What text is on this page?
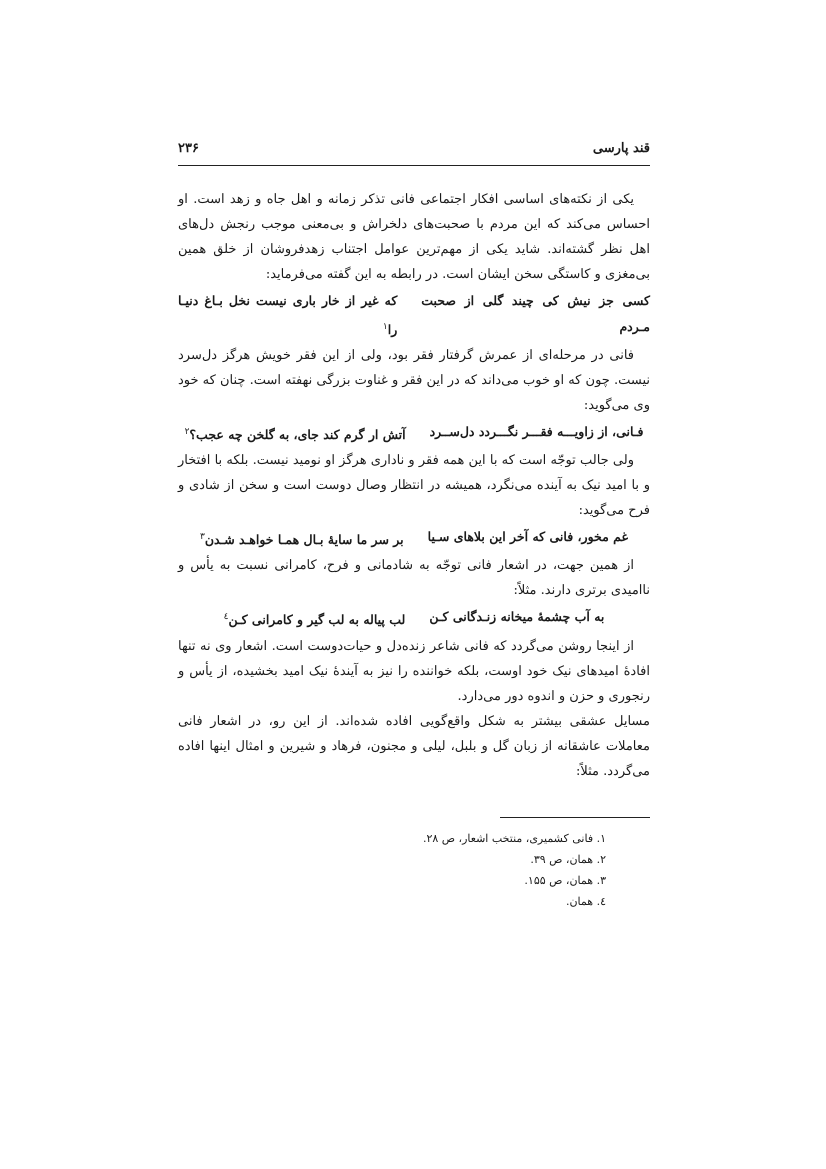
قند پارسی
۲۳۶

یکی از نکته‌های اساسی افکار اجتماعی فانی تذکر زمانه و اهل جاه و زهد است. او احساس می‌کند که این مردم با صحبت‌های دلخراش و بی‌معنی موجب رنجش دل‌های اهل نظر گشته‌اند. شاید یکی از مهم‌ترین عوامل اجتناب زهدفروشان از خلق همین بی‌مغزی و کاستگی سخن ایشان است. در رابطه به این گفته می‌فرماید:

کسی جز نیش کی چیند گلی از صحبت مـردم
که غیر از خار باری نیست نخل بـاغ دنیـا را$^۱$

فانی در مرحله‌ای از عمرش گرفتار فقر بود، ولی از این فقر خویش هرگز دل‌سرد نیست. چون که او خوب می‌داند که در این فقر و غناوت بزرگی نهفته است. چنان که خود وی می‌گوید:

فـانی، از زاویـــه فقـــر نگـــردد دل‌ســرد
آتش ار گرم کند جای، به گلخن چه عجب؟$^۲$

ولی جالب توجّه است که با این همه فقر و ناداری هرگز او نومید نیست. بلکه با افتخار و با امید نیک به آینده می‌نگرد، همیشه در انتظار وصال دوست است و سخن از شادی و فرح می‌گوید:

غم مخور، فانی که آخر این بلاهای سـیا
بر سر ما سایهٔ بـال همـا خواهـد شـدن$^۳$

از همین جهت، در اشعار فانی توجّه به شادمانی و فرح، کامرانی نسبت به یأس و ناامیدی برتری دارند. مثلاً:

به آب چشمهٔ میخانه زنـدگانی کـن
لب پیاله به لب گیر و کامرانی کـن$^٤$

از اینجا روشن می‌گردد که فانی شاعر زنده‌دل و حیات‌دوست است. اشعار وی نه تنها افادهٔ امیدهای نیک خود اوست، بلکه خواننده را نیز به آیندهٔ نیک امید بخشیده، از یأس و رنجوری و حزن و اندوه دور می‌دارد.

مسایل عشقی بیشتر به شکل واقع‌گویی افاده شده‌اند. از این رو، در اشعار فانی معاملات عاشقانه از زبان گل و بلبل، لیلی و مجنون، فرهاد و شیرین و امثال اینها افاده می‌گردد. مثلاً:

۱. فانی کشمیری، منتخب اشعار، ص ۲۸.
۲. همان، ص ۳۹.
۳. همان، ص ۱۵۵.
٤. همان.
